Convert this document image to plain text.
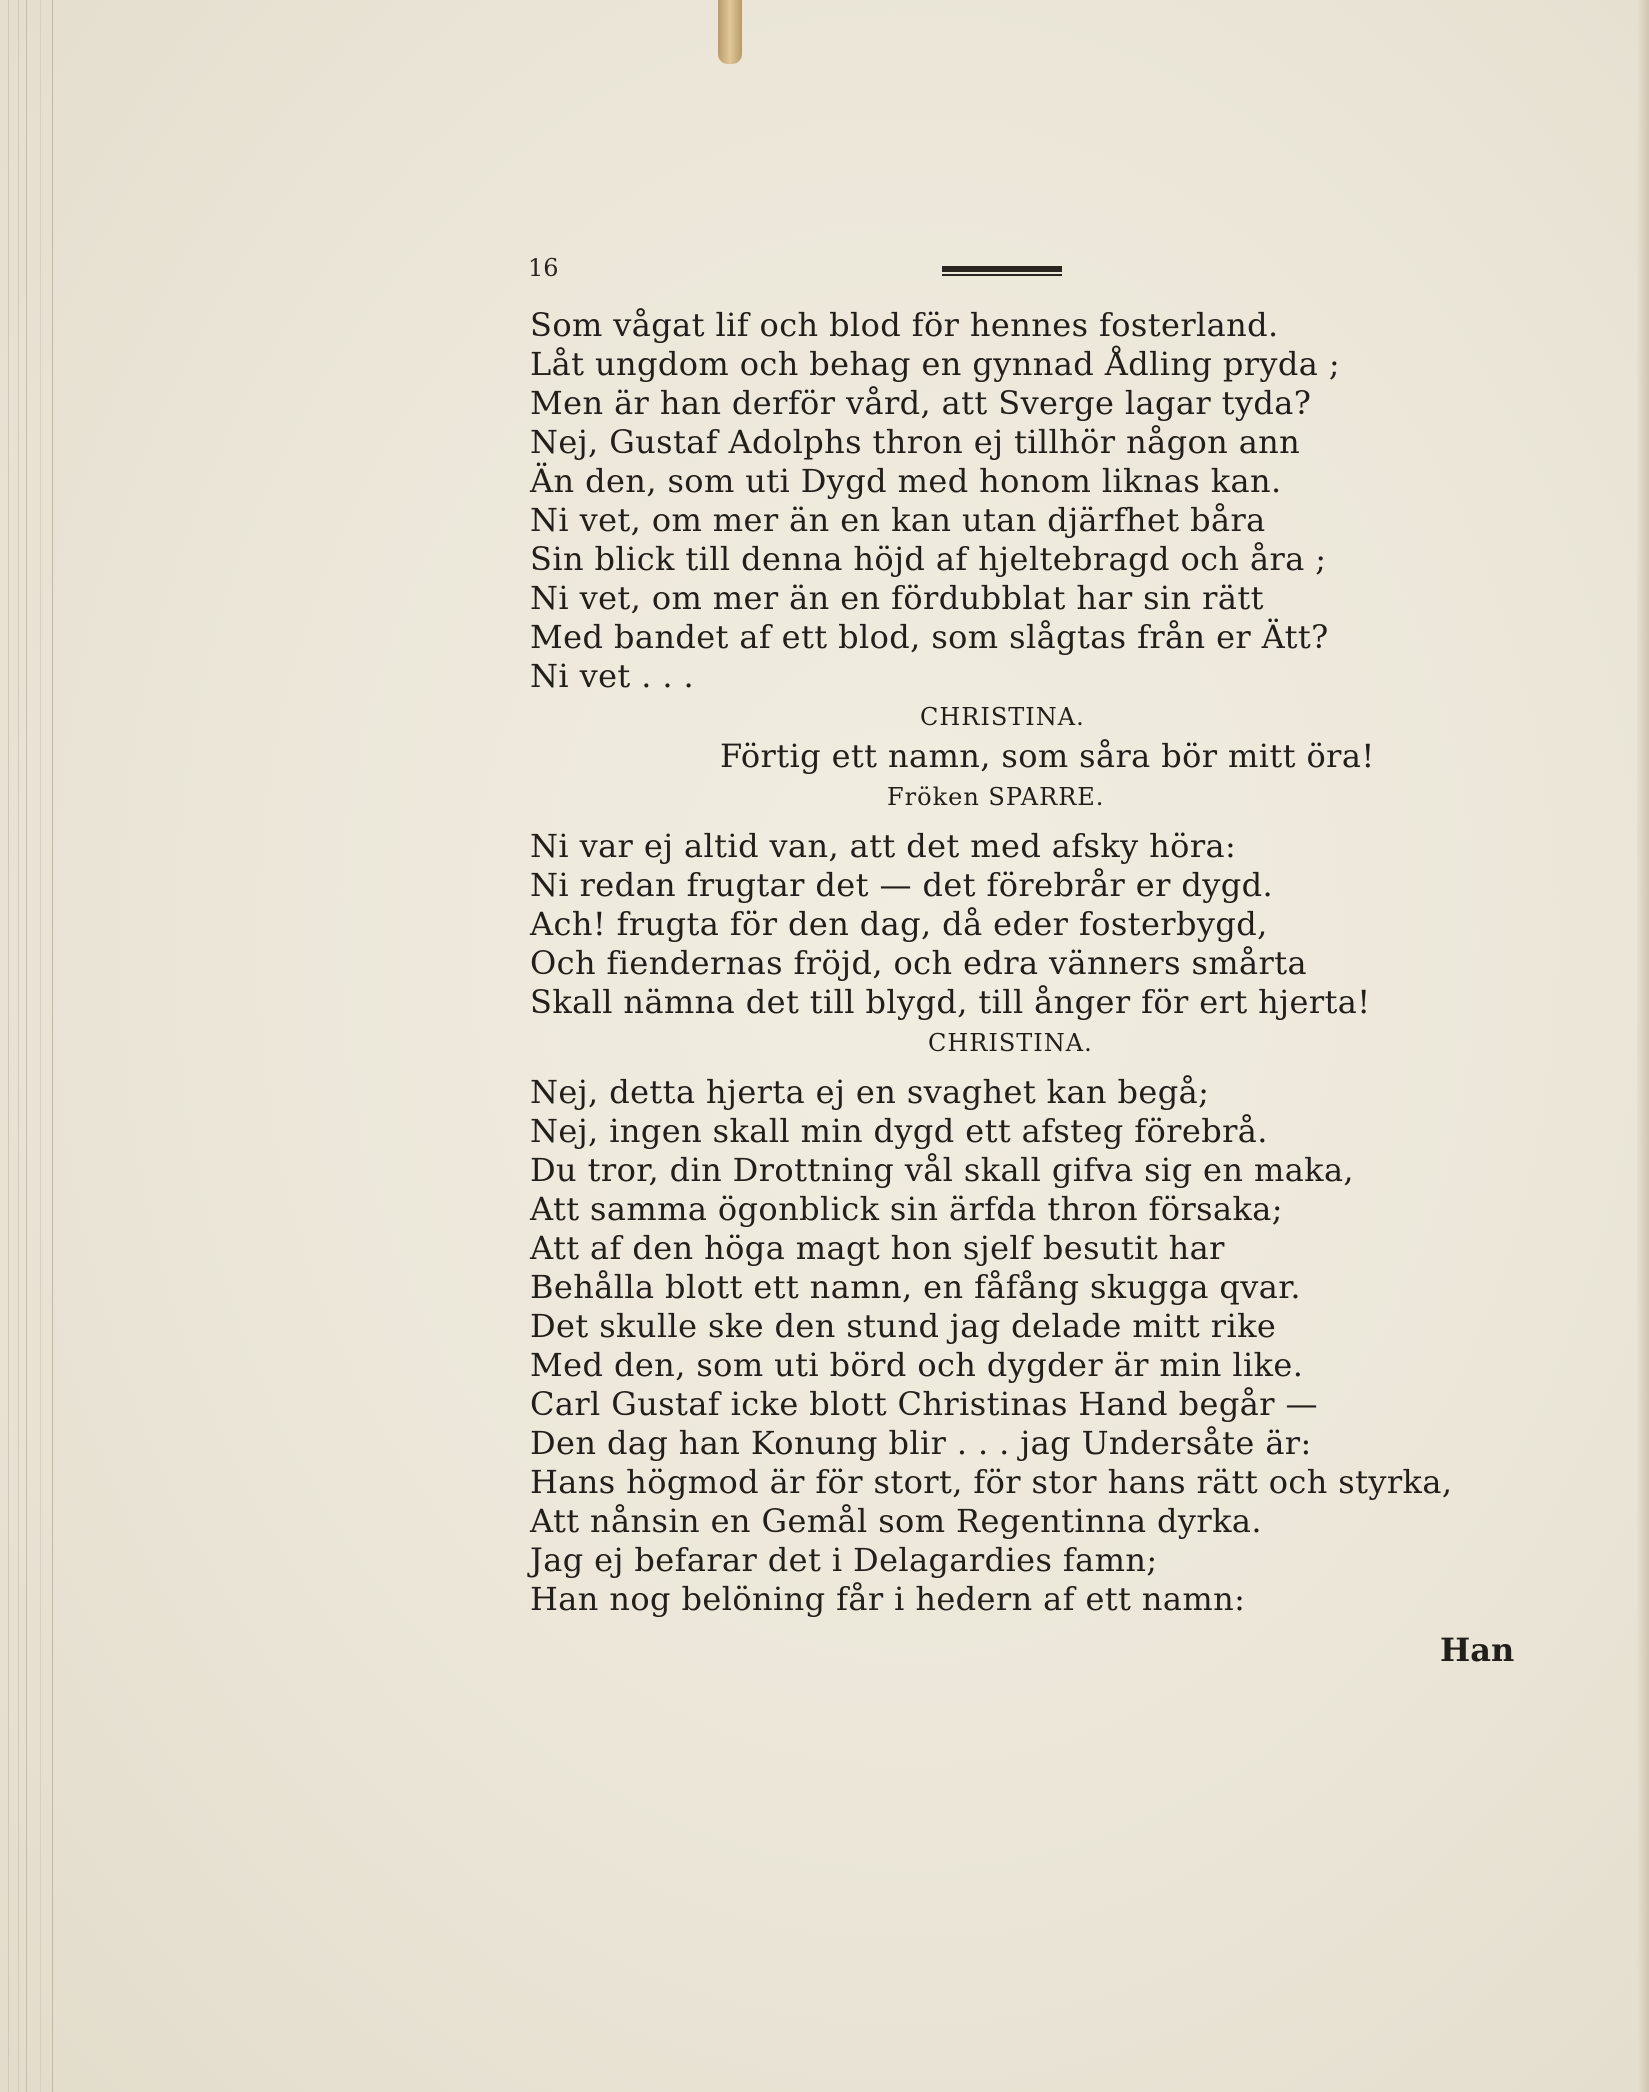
16
Som vågat lif och blod för hennes fosterland.
Låt ungdom och behag en gynnad Ådling pryda ;
Men är han derför vård, att Sverge lagar tyda?
Nej, Gustaf Adolphs thron ej tillhör någon ann
Än den, som uti Dygd med honom liknas kan.
Ni vet, om mer än en kan utan djärfhet båra
Sin blick till denna höjd af hjeltebragd och åra ;
Ni vet, om mer än en fördubblat har sin rätt
Med bandet af ett blod, som slågtas från er Ätt?
Ni vet . . .
CHRISTINA.
Förtig ett namn, som såra bör mitt öra!
Fröken SPARRE.
Ni var ej altid van, att det med afsky höra:
Ni redan frugtar det — det förebrår er dygd.
Ach! frugta för den dag, då eder fosterbygd,
Och fiendernas fröjd, och edra vänners smårta
Skall nämna det till blygd, till ånger för ert hjerta!
CHRISTINA.
Nej, detta hjerta ej en svaghet kan begå;
Nej, ingen skall min dygd ett afsteg förebrå.
Du tror, din Drottning vål skall gifva sig en maka,
Att samma ögonblick sin ärfda thron försaka;
Att af den höga magt hon sjelf besutit har
Behålla blott ett namn, en fåfång skugga qvar.
Det skulle ske den stund jag delade mitt rike
Med den, som uti börd och dygder är min like.
Carl Gustaf icke blott Christinas Hand begår —
Den dag han Konung blir . . . jag Undersåte är:
Hans högmod är för stort, för stor hans rätt och styrka,
Att nånsin en Gemål som Regentinna dyrka.
Jag ej befarar det i Delagardies famn;
Han nog belöning får i hedern af ett namn:
Han
